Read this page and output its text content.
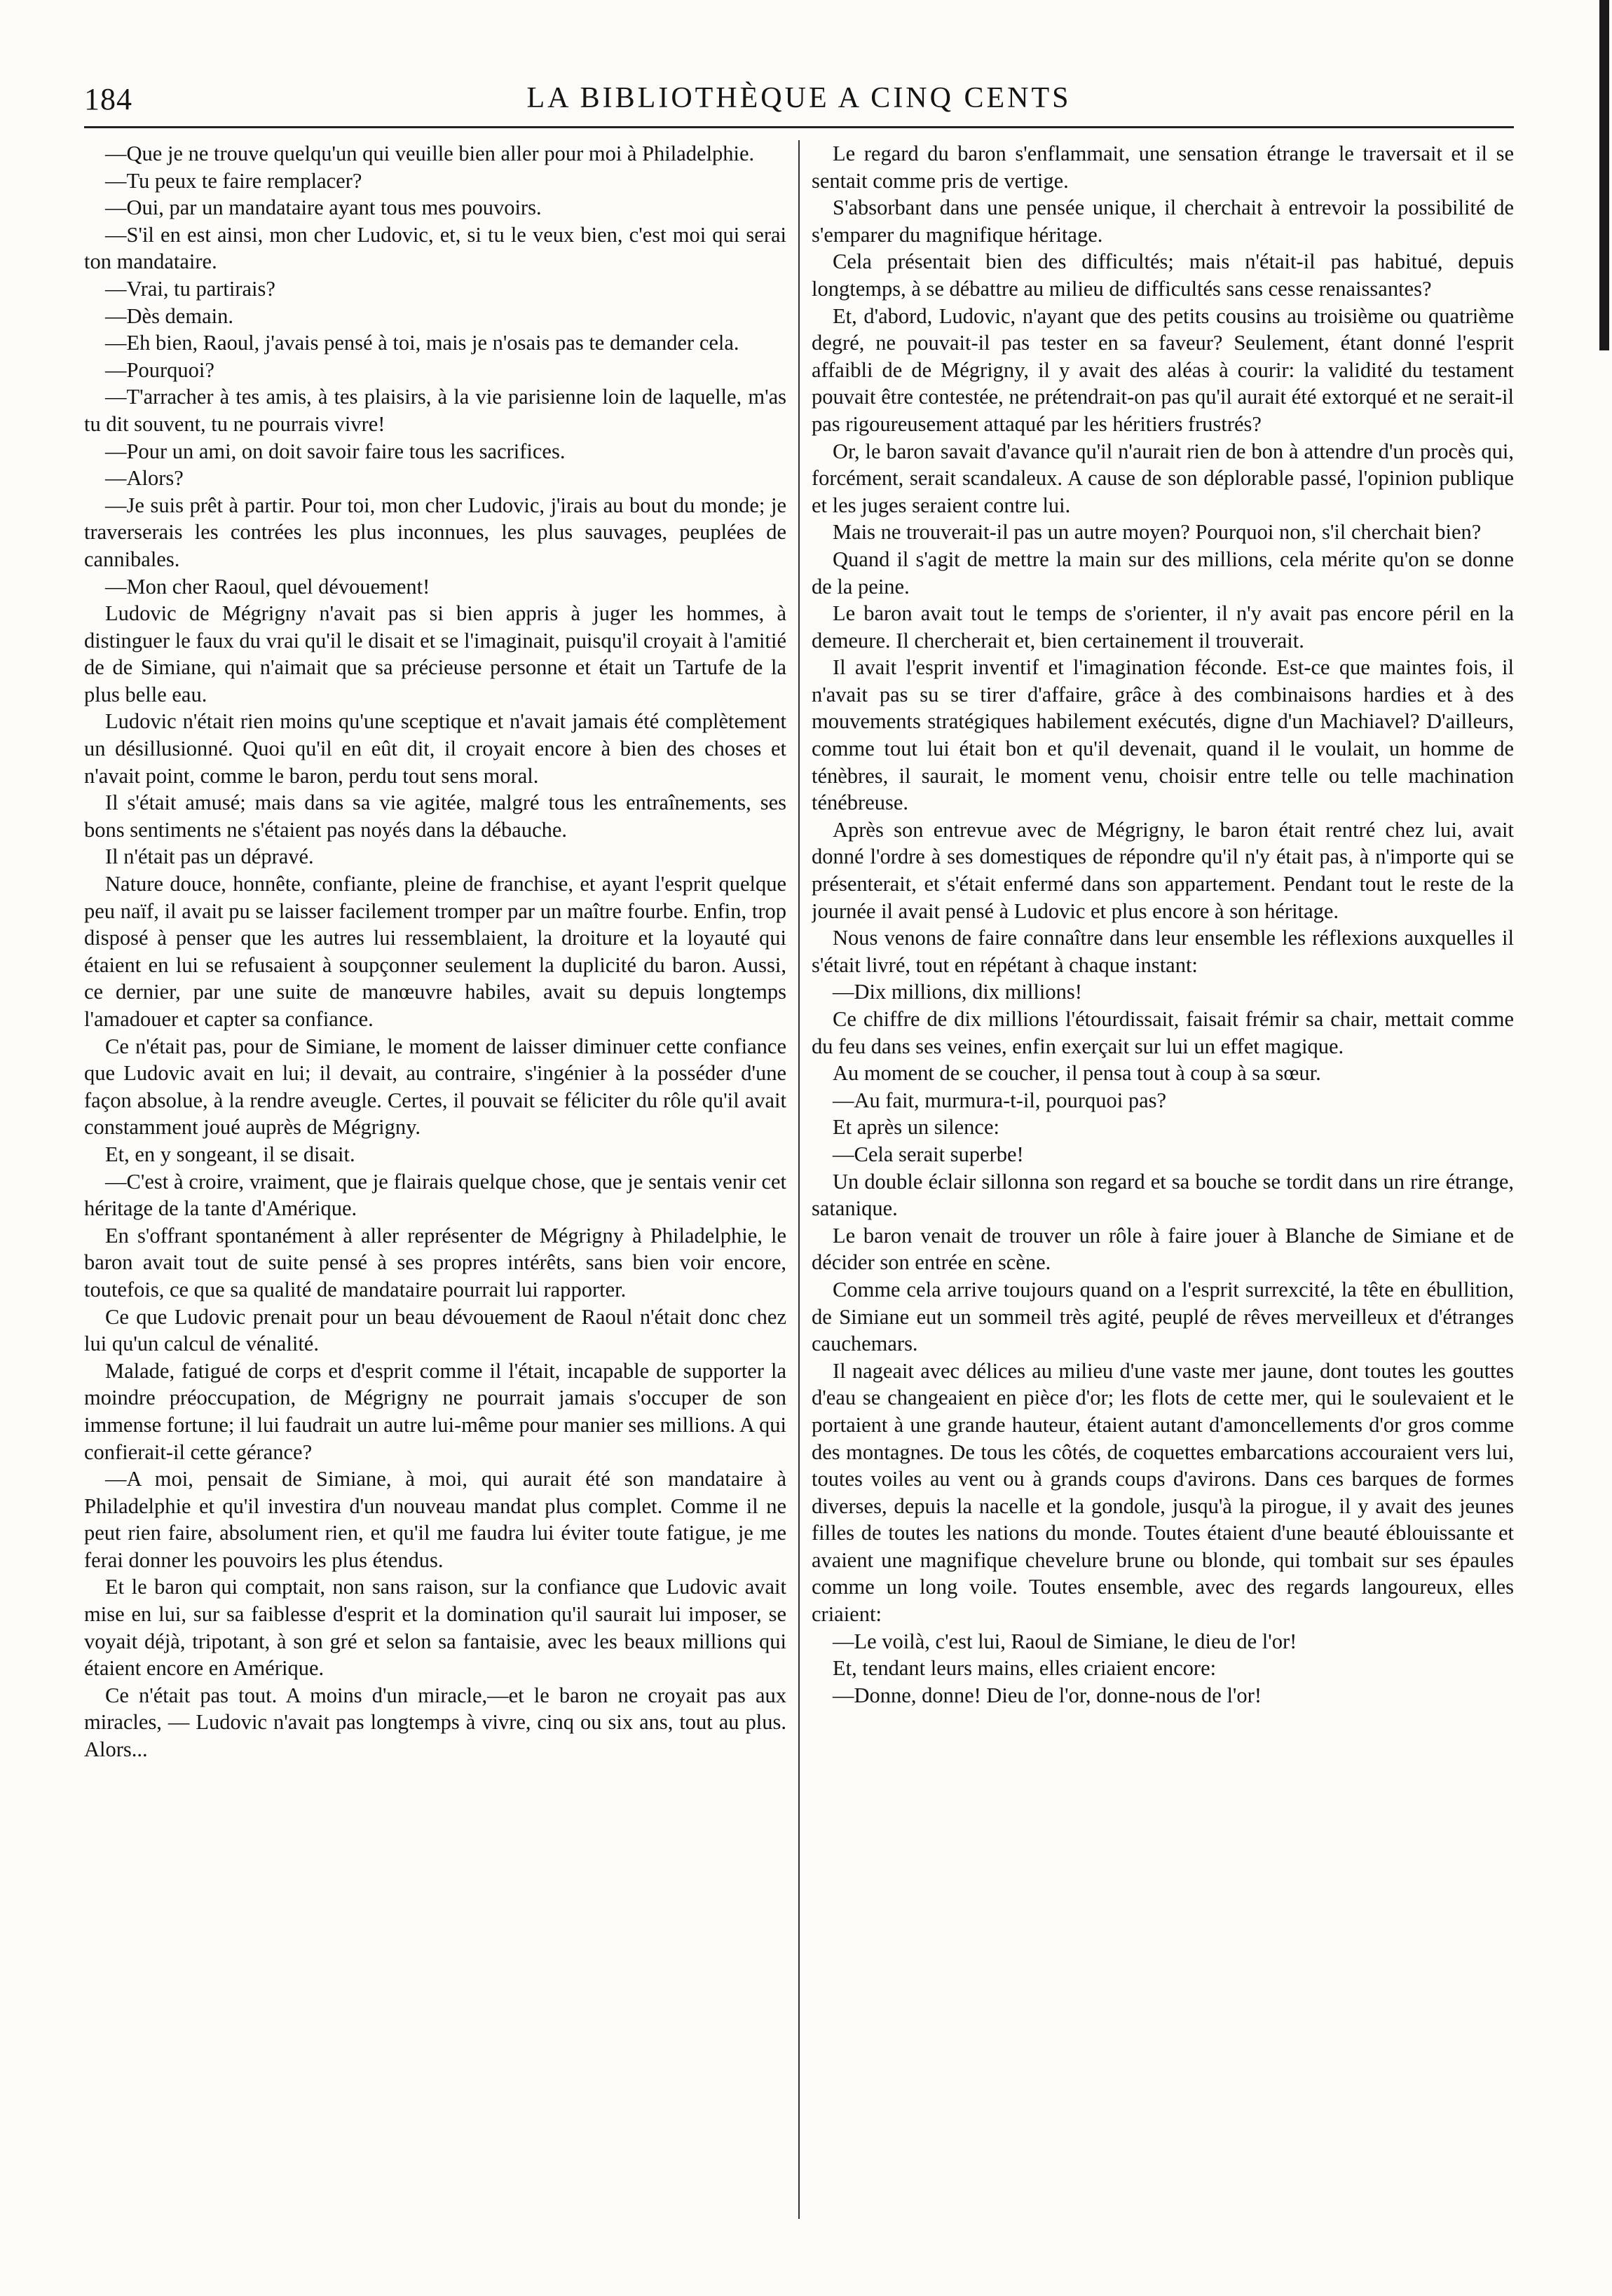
LA BIBLIOTHÈQUE A CINQ CENTS
184

—Que je ne trouve quelqu'un qui veuille bien aller pour moi à Philadelphie.

—Tu peux te faire remplacer?

—Oui, par un mandataire ayant tous mes pouvoirs.

—S'il en est ainsi, mon cher Ludovic, et, si tu le veux bien, c'est moi qui serai ton mandataire.

—Vrai, tu partirais?

—Dès demain.

—Eh bien, Raoul, j'avais pensé à toi, mais je n'osais pas te demander cela.

—Pourquoi?

—T'arracher à tes amis, à tes plaisirs, à la vie parisienne loin de laquelle, m'as tu dit souvent, tu ne pourrais vivre!

—Pour un ami, on doit savoir faire tous les sacrifices.

—Alors?

—Je suis prêt à partir. Pour toi, mon cher Ludovic, j'irais au bout du monde; je traverserais les contrées les plus inconnues, les plus sauvages, peuplées de cannibales.

—Mon cher Raoul, quel dévouement!

Ludovic de Mégrigny n'avait pas si bien appris à juger les hommes, à distinguer le faux du vrai qu'il le disait et se l'imaginait, puisqu'il croyait à l'amitié de de Simiane, qui n'aimait que sa précieuse personne et était un Tartufe de la plus belle eau.

Ludovic n'était rien moins qu'une sceptique et n'avait jamais été complètement un désillusionné. Quoi qu'il en eût dit, il croyait encore à bien des choses et n'avait point, comme le baron, perdu tout sens moral.

Il s'était amusé; mais dans sa vie agitée, malgré tous les entraînements, ses bons sentiments ne s'étaient pas noyés dans la débauche.

Il n'était pas un dépravé.

Nature douce, honnête, confiante, pleine de franchise, et ayant l'esprit quelque peu naïf, il avait pu se laisser facilement tromper par un maître fourbe. Enfin, trop disposé à penser que les autres lui ressemblaient, la droiture et la loyauté qui étaient en lui se refusaient à soupçonner seulement la duplicité du baron. Aussi, ce dernier, par une suite de manœuvre habiles, avait su depuis longtemps l'amadouer et capter sa confiance.

Ce n'était pas, pour de Simiane, le moment de laisser diminuer cette confiance que Ludovic avait en lui; il devait, au contraire, s'ingénier à la posséder d'une façon absolue, à la rendre aveugle. Certes, il pouvait se féliciter du rôle qu'il avait constamment joué auprès de Mégrigny.

Et, en y songeant, il se disait.

—C'est à croire, vraiment, que je flairais quelque chose, que je sentais venir cet héritage de la tante d'Amérique.

En s'offrant spontanément à aller représenter de Mégrigny à Philadelphie, le baron avait tout de suite pensé à ses propres intérêts, sans bien voir encore, toutefois, ce que sa qualité de mandataire pourrait lui rapporter.

Ce que Ludovic prenait pour un beau dévouement de Raoul n'était donc chez lui qu'un calcul de vénalité.

Malade, fatigué de corps et d'esprit comme il l'était, incapable de supporter la moindre préoccupation, de Mégrigny ne pourrait jamais s'occuper de son immense fortune; il lui faudrait un autre lui-même pour manier ses millions. A qui confierait-il cette gérance?

—A moi, pensait de Simiane, à moi, qui aurait été son mandataire à Philadelphie et qu'il investira d'un nouveau mandat plus complet. Comme il ne peut rien faire, absolument rien, et qu'il me faudra lui éviter toute fatigue, je me ferai donner les pouvoirs les plus étendus.

Et le baron qui comptait, non sans raison, sur la confiance que Ludovic avait mise en lui, sur sa faiblesse d'esprit et la domination qu'il saurait lui imposer, se voyait déjà, tripotant, à son gré et selon sa fantaisie, avec les beaux millions qui étaient encore en Amérique.

Ce n'était pas tout. A moins d'un miracle,—et le baron ne croyait pas aux miracles, — Ludovic n'avait pas longtemps à vivre, cinq ou six ans, tout au plus. Alors...

Le regard du baron s'enflammait, une sensation étrange le traversait et il se sentait comme pris de vertige.

S'absorbant dans une pensée unique, il cherchait à entrevoir la possibilité de s'emparer du magnifique héritage.

Cela présentait bien des difficultés; mais n'était-il pas habitué, depuis longtemps, à se débattre au milieu de difficultés sans cesse renaissantes?

Et, d'abord, Ludovic, n'ayant que des petits cousins au troisième ou quatrième degré, ne pouvait-il pas tester en sa faveur? Seulement, étant donné l'esprit affaibli de de Mégrigny, il y avait des aléas à courir: la validité du testament pouvait être contestée, ne prétendrait-on pas qu'il aurait été extorqué et ne serait-il pas rigoureusement attaqué par les héritiers frustrés?

Or, le baron savait d'avance qu'il n'aurait rien de bon à attendre d'un procès qui, forcément, serait scandaleux. A cause de son déplorable passé, l'opinion publique et les juges seraient contre lui.

Mais ne trouverait-il pas un autre moyen? Pourquoi non, s'il cherchait bien?

Quand il s'agit de mettre la main sur des millions, cela mérite qu'on se donne de la peine.

Le baron avait tout le temps de s'orienter, il n'y avait pas encore péril en la demeure. Il chercherait et, bien certainement il trouverait.

Il avait l'esprit inventif et l'imagination féconde. Est-ce que maintes fois, il n'avait pas su se tirer d'affaire, grâce à des combinaisons hardies et à des mouvements stratégiques habilement exécutés, digne d'un Machiavel? D'ailleurs, comme tout lui était bon et qu'il devenait, quand il le voulait, un homme de ténèbres, il saurait, le moment venu, choisir entre telle ou telle machination ténébreuse.

Après son entrevue avec de Mégrigny, le baron était rentré chez lui, avait donné l'ordre à ses domestiques de répondre qu'il n'y était pas, à n'importe qui se présenterait, et s'était enfermé dans son appartement. Pendant tout le reste de la journée il avait pensé à Ludovic et plus encore à son héritage.

Nous venons de faire connaître dans leur ensemble les réflexions auxquelles il s'était livré, tout en répétant à chaque instant:

—Dix millions, dix millions!

Ce chiffre de dix millions l'étourdissait, faisait frémir sa chair, mettait comme du feu dans ses veines, enfin exerçait sur lui un effet magique.

Au moment de se coucher, il pensa tout à coup à sa sœur.

—Au fait, murmura-t-il, pourquoi pas?

Et après un silence:

—Cela serait superbe!

Un double éclair sillonna son regard et sa bouche se tordit dans un rire étrange, satanique.

Le baron venait de trouver un rôle à faire jouer à Blanche de Simiane et de décider son entrée en scène.

Comme cela arrive toujours quand on a l'esprit surrexcité, la tête en ébullition, de Simiane eut un sommeil très agité, peuplé de rêves merveilleux et d'étranges cauchemars.

Il nageait avec délices au milieu d'une vaste mer jaune, dont toutes les gouttes d'eau se changeaient en pièce d'or; les flots de cette mer, qui le soulevaient et le portaient à une grande hauteur, étaient autant d'amoncellements d'or gros comme des montagnes. De tous les côtés, de coquettes embarcations accouraient vers lui, toutes voiles au vent ou à grands coups d'avirons. Dans ces barques de formes diverses, depuis la nacelle et la gondole, jusqu'à la pirogue, il y avait des jeunes filles de toutes les nations du monde. Toutes étaient d'une beauté éblouissante et avaient une magnifique chevelure brune ou blonde, qui tombait sur ses épaules comme un long voile. Toutes ensemble, avec des regards langoureux, elles criaient:

—Le voilà, c'est lui, Raoul de Simiane, le dieu de l'or!

Et, tendant leurs mains, elles criaient encore:

—Donne, donne! Dieu de l'or, donne-nous de l'or!
